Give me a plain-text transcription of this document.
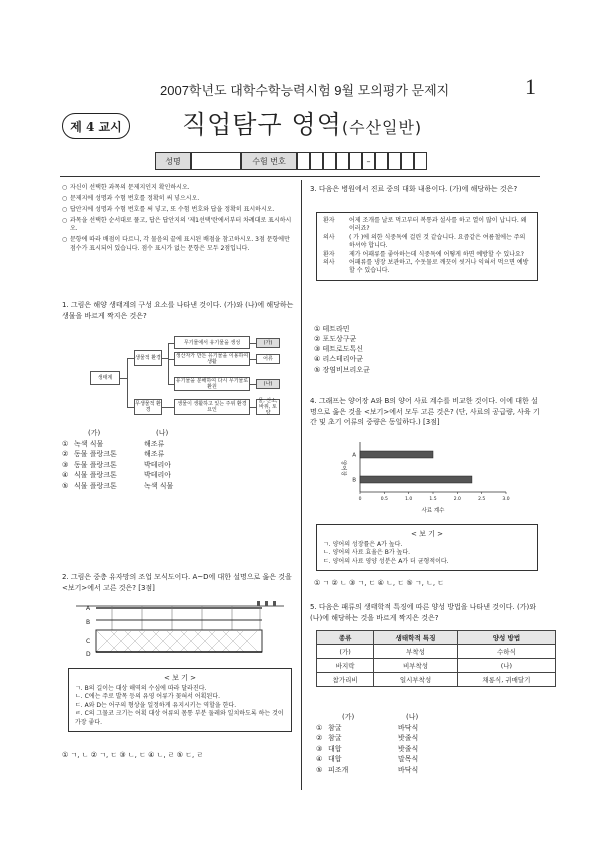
2007학년도 대학수학능력시험 9월 모의평가 문제지	1
제 4 교시	직업탐구 영역(수산일반)
성명	수험 번호	–
○ 자신이 선택한 과목의 문제지인지 확인하시오.
○ 문제지에 성명과 수험 번호를 정확히 써 넣으시오.
○ 답안지에 성명과 수험 번호를 써 넣고, 또 수험 번호와 답을 정확히 표시하시오.
○ 과목을 선택한 순서대로 풀고, 답은 답안지의 '제1선택'란에서부터 차례대로 표시하시오.
○ 문항에 따라 배점이 다르니, 각 물음의 끝에 표시된 배점을 참고하시오. 3점 문항에만 점수가 표시되어 있습니다. 점수 표시가 없는 문항은 모두 2점입니다.
1. 그림은 해양 생태계의 구성 요소를 나타낸 것이다. (가)와 (나)에 해당하는 생물을 바르게 짝지은 것은?
생태계
생물적 환경
무생물적 환경
무기물에서 유기물을 생성
생산자가 만든 유기물을 이용하여 생활
유기물을 분해하여 다시 무기물로 환원
생물이 생활하고 있는 주위 환경 요인
(가)
어류
(나)
물, 산소, 바위, 토양
(가)	(나)
① 녹색 식물	해조류
② 동물 플랑크톤	해조류
③ 동물 플랑크톤	박테리아
④ 식물 플랑크톤	박테리아
⑤ 식물 플랑크톤	녹색 식물
2. 그림은 중층 유자망의 조업 모식도이다. A~D에 대한 설명으로 옳은 것을 <보기>에서 고른 것은? [3점]
A
B
C
D
< 보 기 >
ㄱ. B의 길이는 대상 해역의 수심에 따라 달라진다.
ㄴ. C에는 주로 발목 등의 유영 어류가 꽂혀서 어획된다.
ㄷ. A와 D는 어구의 형상을 일정하게 유지시키는 역할을 한다.
ㄹ. C의 그물코 크기는 어획 대상 어류의 몸통 부분 둘레와 일치하도록 하는 것이 가장 좋다.
① ㄱ, ㄴ ② ㄱ, ㄷ ③ ㄴ, ㄷ ④ ㄴ, ㄹ ⑤ ㄷ, ㄹ
3. 다음은 병원에서 진료 중의 대화 내용이다. (가)에 해당하는 것은?
환자	어제 조개를 날로 먹고부터 복통과 설사를 하고 열이 많이 납니다. 왜 이러죠?
의사	( 가 )에 의한 식중독에 걸린 것 같습니다. 요즘같은 여름철에는 주의하셔야 합니다.
환자	제가 어패류를 좋아하는데 식중독에 어떻게 하면 예방할 수 있나요?
의사	어패류를 냉장 보관하고, 수돗물로 깨끗이 씻거나 익혀서 먹으면 예방할 수 있습니다.
① 테트라민
② 포도상구균
③ 테트로도톡신
④ 리스테리아균
⑤ 장염비브리오균
4. 그래프는 양어장 A와 B의 양어 사료 계수를 비교한 것이다. 이에 대한 설명으로 옳은 것을 <보기>에서 모두 고른 것은? (단, 사료의 공급량, 사육 기간 및 초기 어류의 중량은 동일하다.) [3점]
양어장
사료 계수
0	0.5	1.0	1.5	2.0	2.5	3.0
A
B
< 보 기 >
ㄱ. 양어의 성장률은 A가 높다.
ㄴ. 양어의 사료 효율은 B가 높다.
ㄷ. 양어의 사료 영양 성분은 A가 더 균형적이다.
① ㄱ ② ㄴ ③ ㄱ, ㄷ ④ ㄴ, ㄷ ⑤ ㄱ, ㄴ, ㄷ
5. 다음은 패류의 생태학적 특징에 따른 양성 방법을 나타낸 것이다. (가)와 (나)에 해당하는 것을 바르게 짝지은 것은?
종류	생태학적 특징	양성 방법
(가)	부착성	수하식
바지락	비부착성	(나)
참가리비	일시부착성	채롱식, 귀매달기
(가)	(나)
① 참굴	바닥식
② 참굴	밧줄식
③ 대합	밧줄식
④ 대합	말목식
⑤ 피조개	바닥식
